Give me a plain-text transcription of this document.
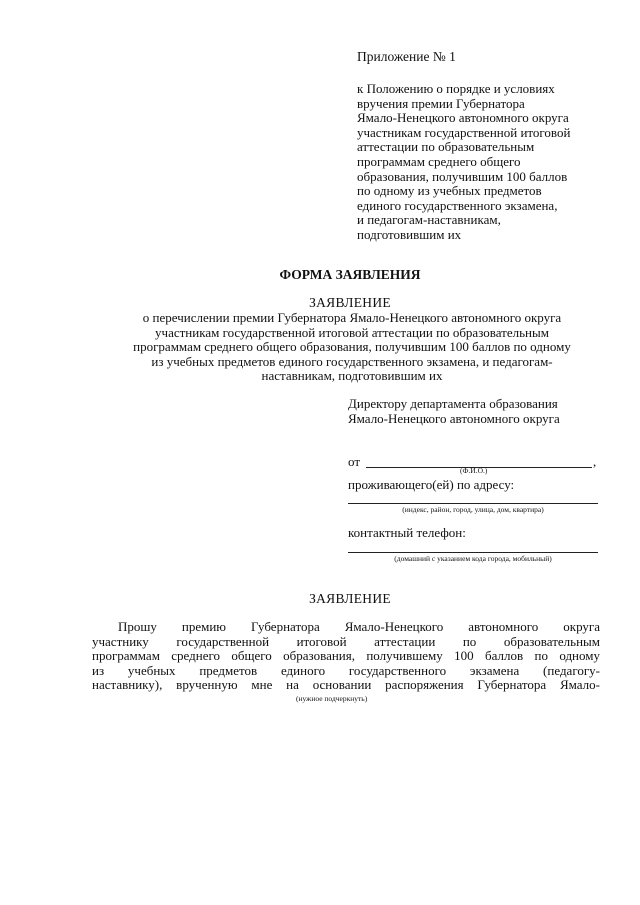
Приложение № 1
к Положению о порядке и условиях
вручения премии Губернатора
Ямало-Ненецкого автономного округа
участникам государственной итоговой
аттестации по образовательным
программам среднего общего
образования, получившим 100 баллов
по одному из учебных предметов
единого государственного экзамена,
и педагогам-наставникам,
подготовившим их
ФОРМА ЗАЯВЛЕНИЯ
ЗАЯВЛЕНИЕ
о перечислении премии Губернатора Ямало-Ненецкого автономного округа
участникам государственной итоговой аттестации по образовательным
программам среднего общего образования, получившим 100 баллов по одному
из учебных предметов единого государственного экзамена, и педагогам-
наставникам, подготовившим их
Директору департамента образования
Ямало-Ненецкого автономного округа
от	,
(Ф.И.О.)
проживающего(ей) по адресу:
(индекс, район, город, улица, дом, квартира)
контактный телефон:
(домашний с указанием кода города, мобильный)
ЗАЯВЛЕНИЕ
Прошу премию Губернатора Ямало-Ненецкого автономного округа
участнику государственной итоговой аттестации по образовательным
программам среднего общего образования, получившему 100 баллов по одному
из учебных предметов единого государственного экзамена (педагогу-
наставнику), врученную мне на основании распоряжения Губернатора Ямало-
(нужное подчеркнуть)
